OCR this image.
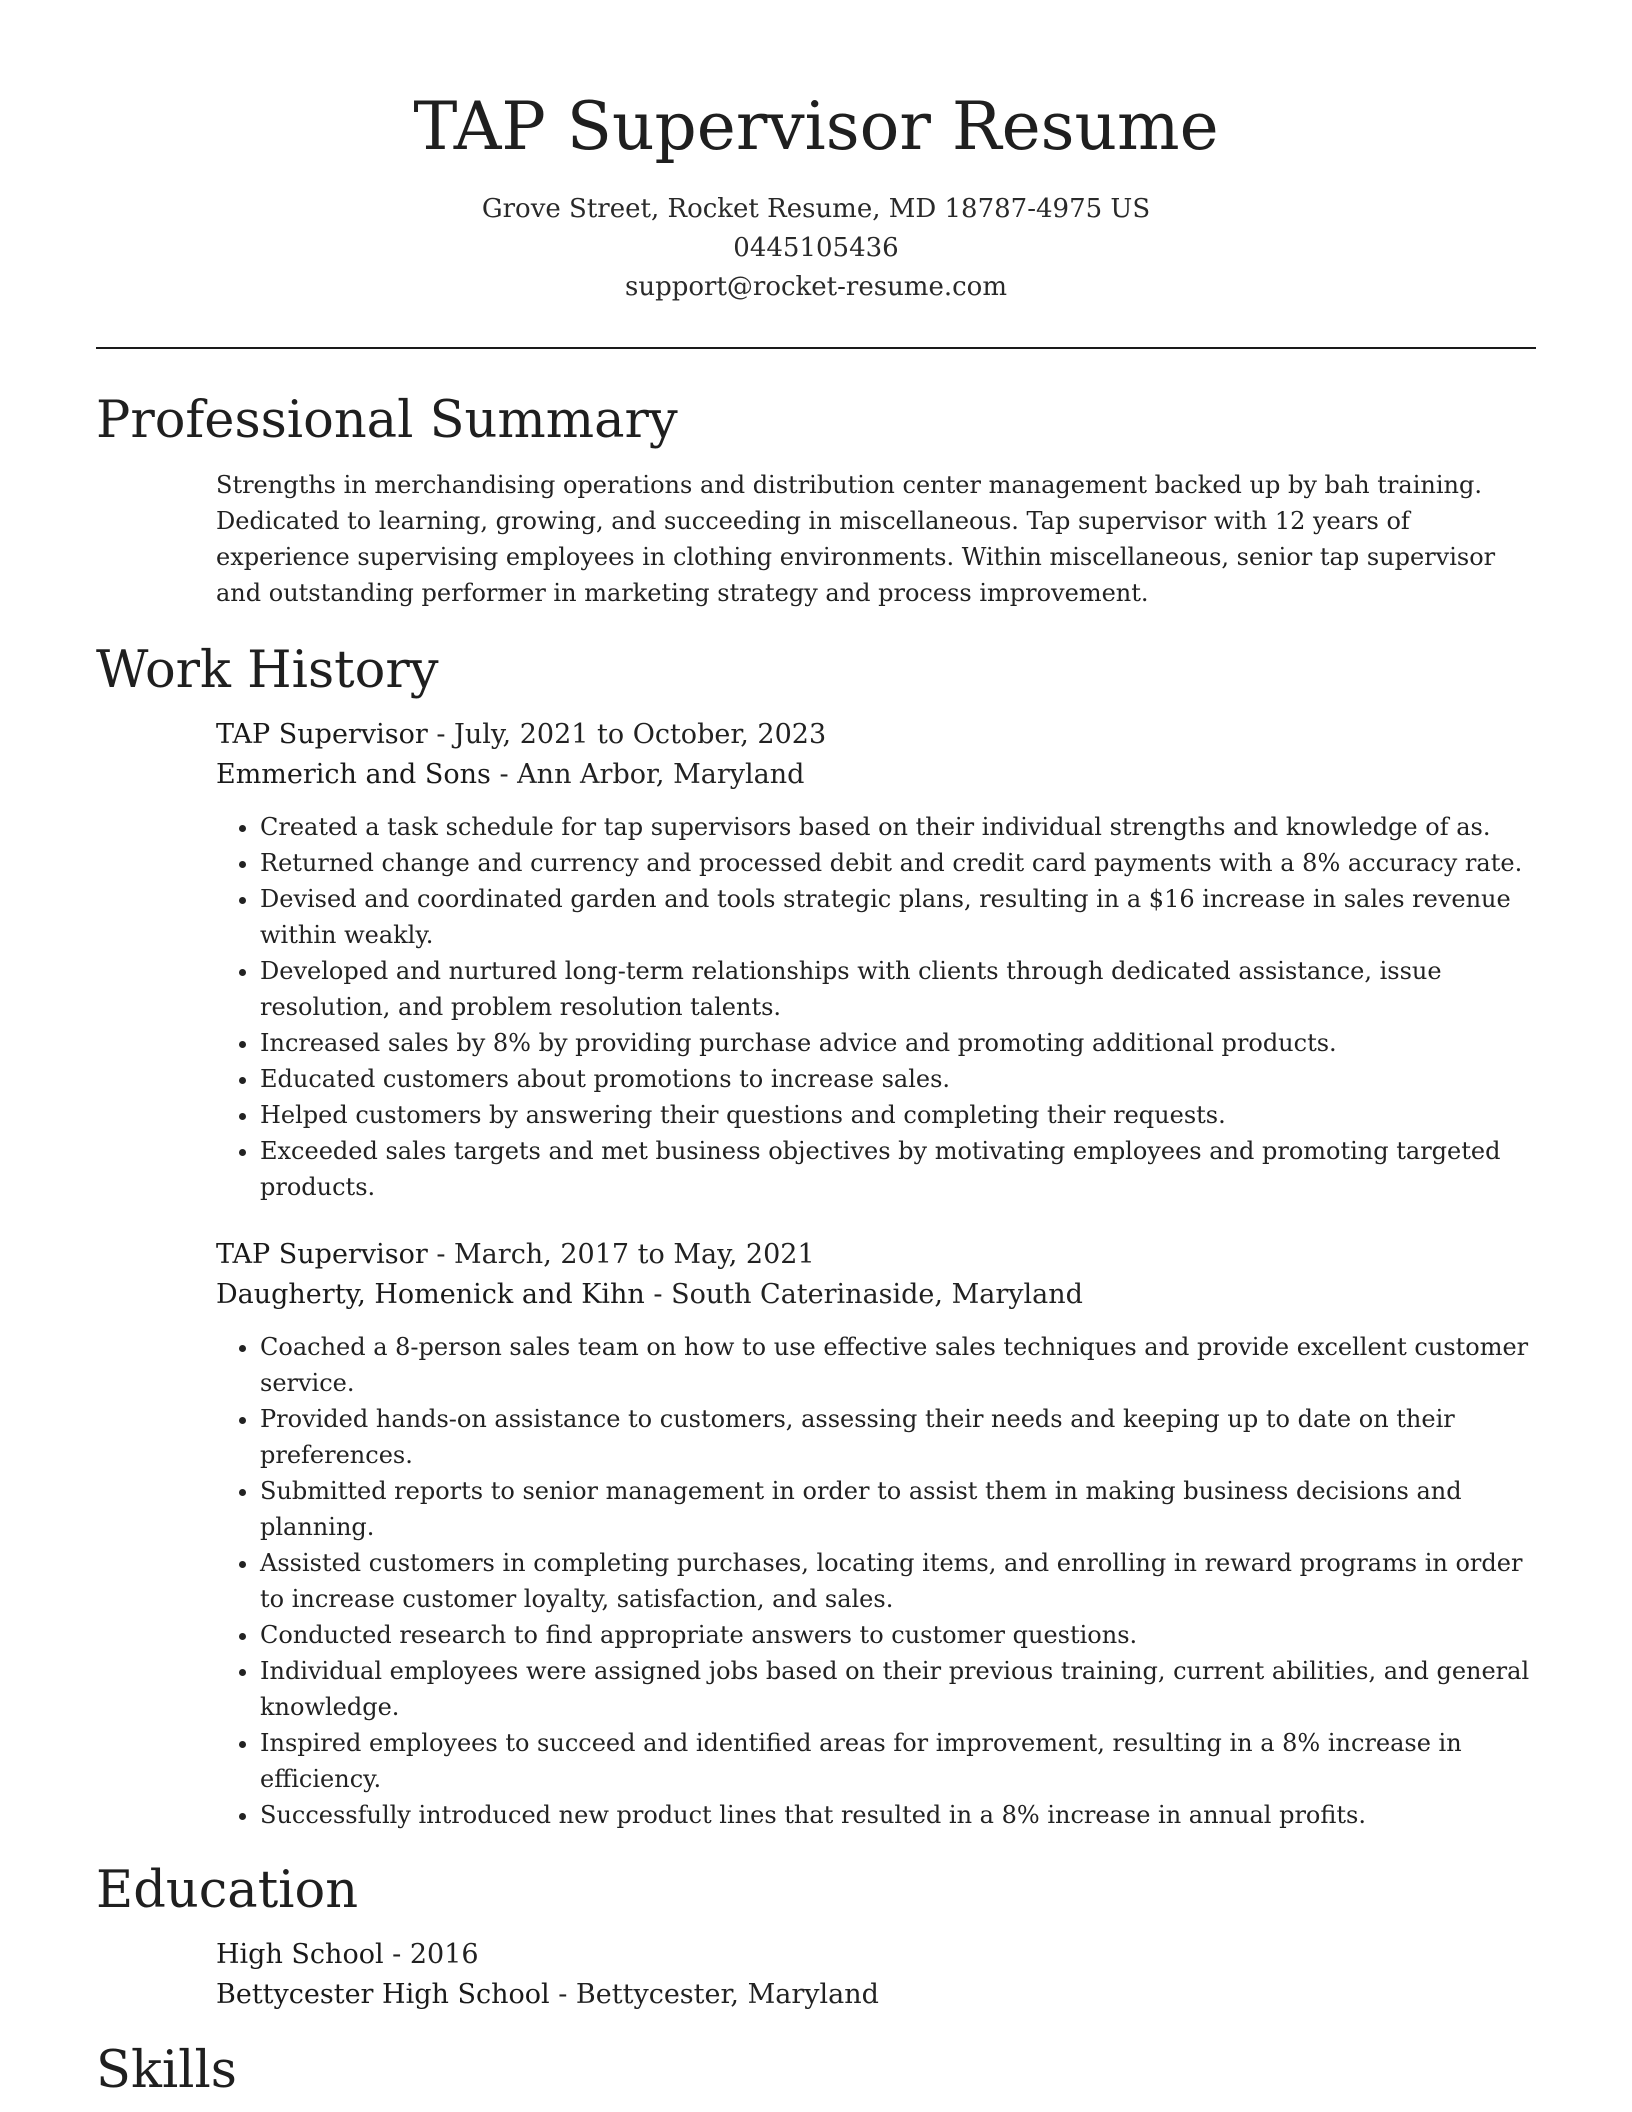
TAP Supervisor Resume
Grove Street, Rocket Resume, MD 18787-4975 US
0445105436
support@rocket-resume.com
Professional Summary
Strengths in merchandising operations and distribution center management backed up by bah training. Dedicated to learning, growing, and succeeding in miscellaneous. Tap supervisor with 12 years of experience supervising employees in clothing environments. Within miscellaneous, senior tap supervisor and outstanding performer in marketing strategy and process improvement.
Work History
TAP Supervisor - July, 2021 to October, 2023
Emmerich and Sons - Ann Arbor, Maryland
• Created a task schedule for tap supervisors based on their individual strengths and knowledge of as.
• Returned change and currency and processed debit and credit card payments with a 8% accuracy rate.
• Devised and coordinated garden and tools strategic plans, resulting in a $16 increase in sales revenue within weakly.
• Developed and nurtured long-term relationships with clients through dedicated assistance, issue resolution, and problem resolution talents.
• Increased sales by 8% by providing purchase advice and promoting additional products.
• Educated customers about promotions to increase sales.
• Helped customers by answering their questions and completing their requests.
• Exceeded sales targets and met business objectives by motivating employees and promoting targeted products.
TAP Supervisor - March, 2017 to May, 2021
Daugherty, Homenick and Kihn - South Caterinaside, Maryland
• Coached a 8-person sales team on how to use effective sales techniques and provide excellent customer service.
• Provided hands-on assistance to customers, assessing their needs and keeping up to date on their preferences.
• Submitted reports to senior management in order to assist them in making business decisions and planning.
• Assisted customers in completing purchases, locating items, and enrolling in reward programs in order to increase customer loyalty, satisfaction, and sales.
• Conducted research to find appropriate answers to customer questions.
• Individual employees were assigned jobs based on their previous training, current abilities, and general knowledge.
• Inspired employees to succeed and identified areas for improvement, resulting in a 8% increase in efficiency.
• Successfully introduced new product lines that resulted in a 8% increase in annual profits.
Education
High School - 2016
Bettycester High School - Bettycester, Maryland
Skills
